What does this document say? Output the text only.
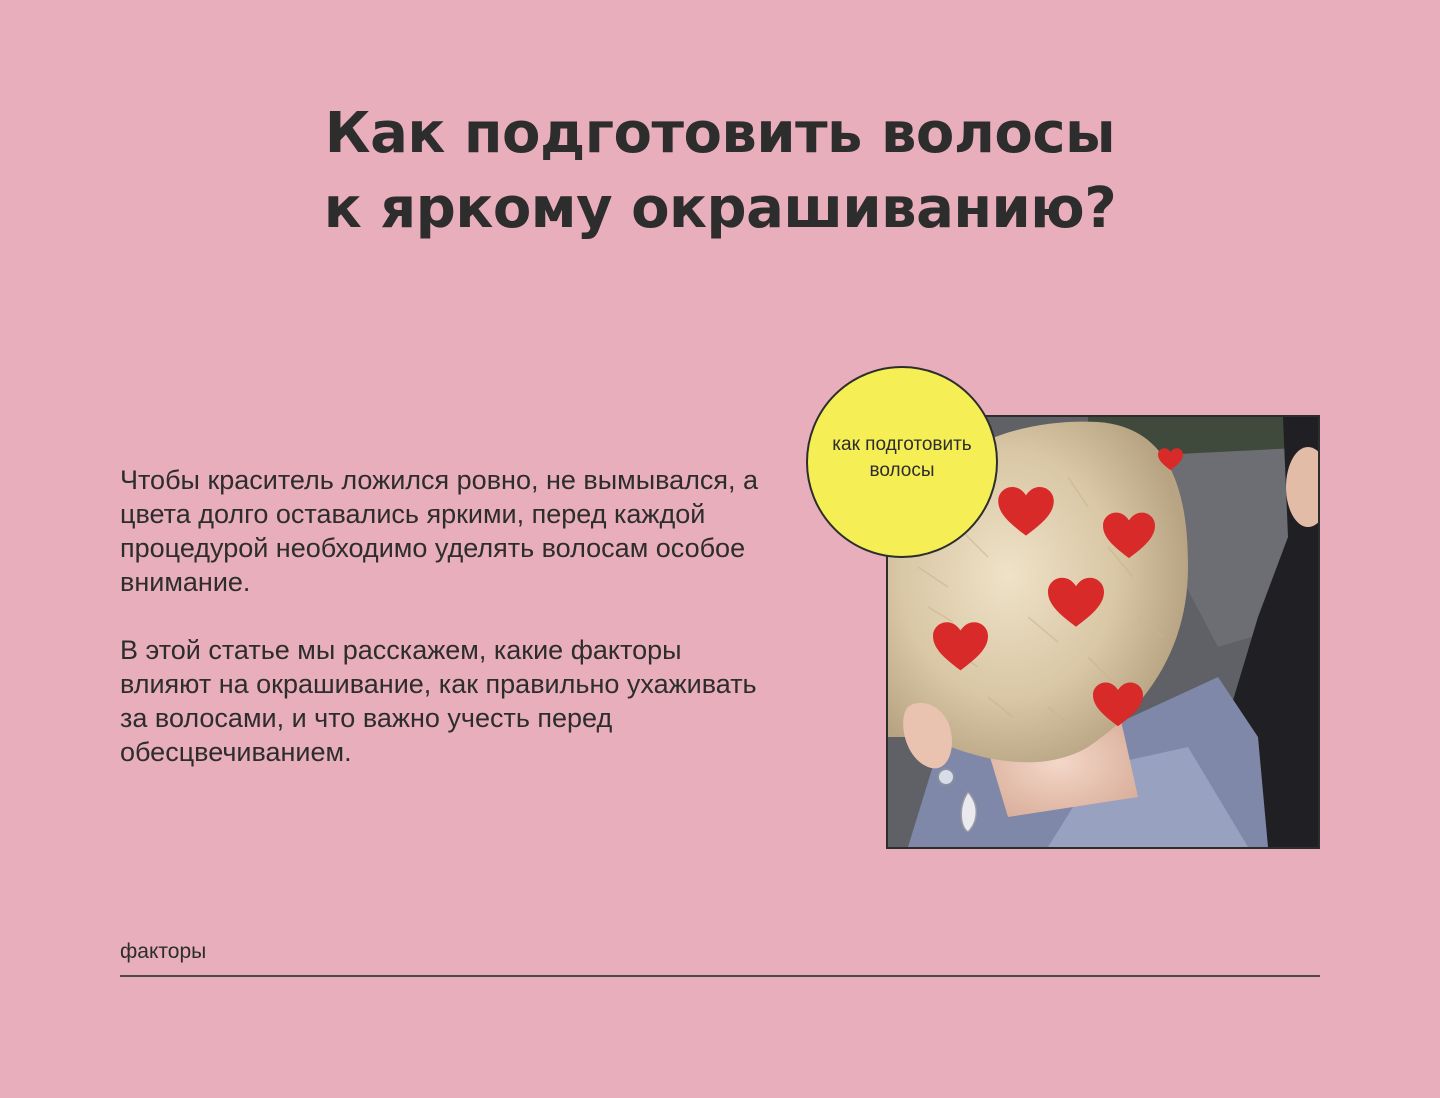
Как подготовить волосы к яркому окрашиванию?

Чтобы краситель ложился ровно, не вымывался, а цвета долго оставались яркими, перед каждой процедурой необходимо уделять волосам особое внимание.

В этой статье мы расскажем, какие факторы влияют на окрашивание, как правильно ухаживать за волосами, и что важно учесть перед обесцвечиванием.

как подготовить волосы
факторы
